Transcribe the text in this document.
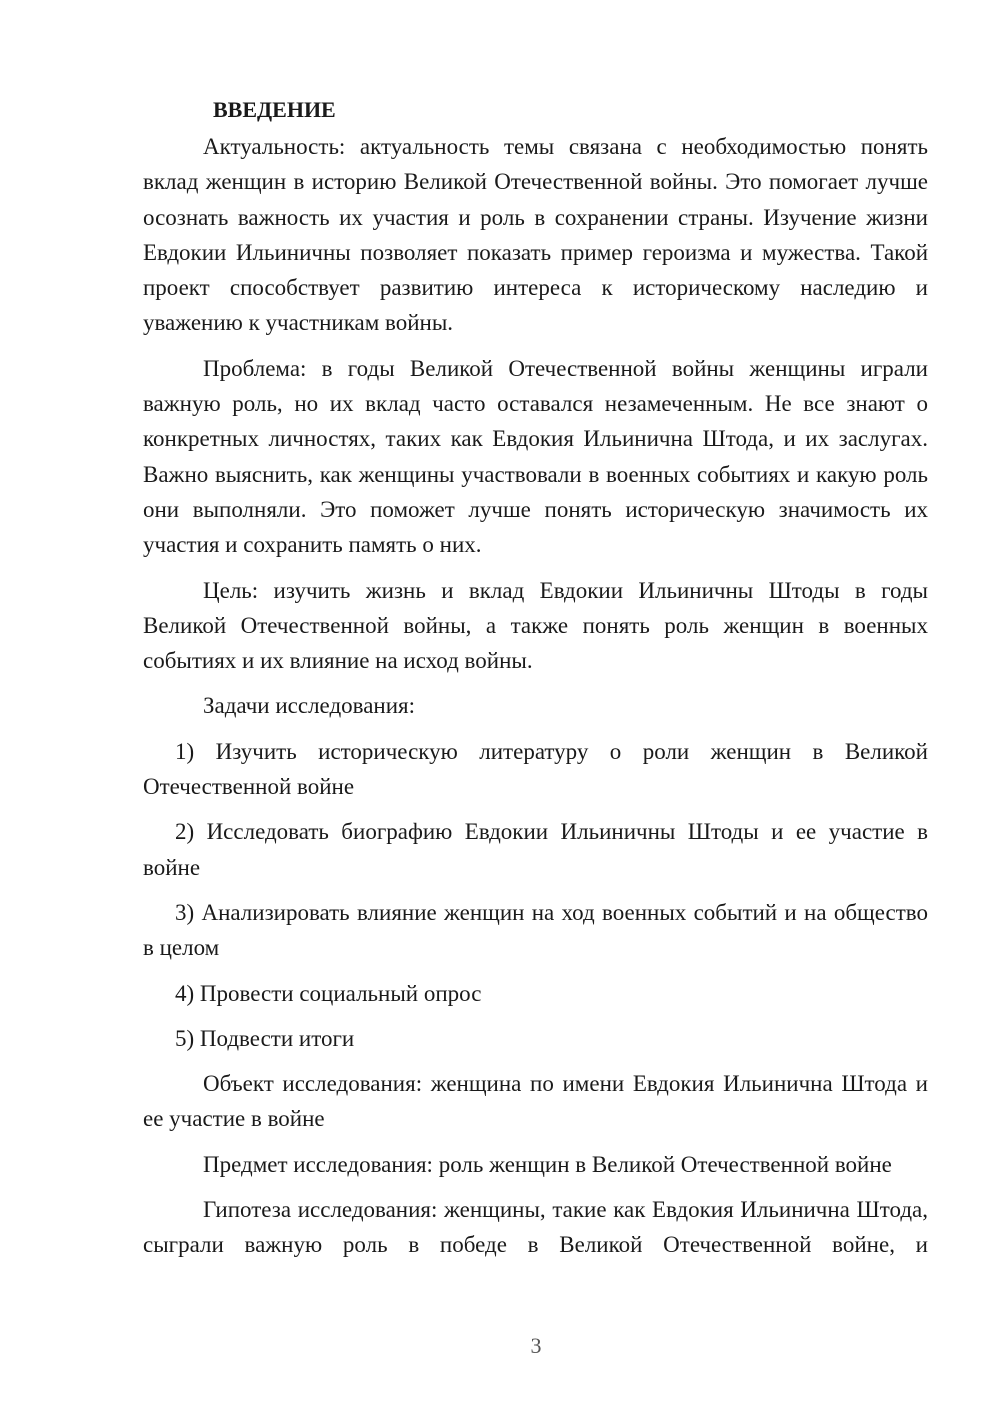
ВВЕДЕНИЕ

Актуальность: актуальность темы связана с необходимостью понять вклад женщин в историю Великой Отечественной войны. Это помогает лучше осознать важность их участия и роль в сохранении страны. Изучение жизни Евдокии Ильиничны позволяет показать пример героизма и мужества. Такой проект способствует развитию интереса к историческому наследию и уважению к участникам войны.

Проблема: в годы Великой Отечественной войны женщины играли важную роль, но их вклад часто оставался незамеченным. Не все знают о конкретных личностях, таких как Евдокия Ильинична Штода, и их заслугах. Важно выяснить, как женщины участвовали в военных событиях и какую роль они выполняли. Это поможет лучше понять историческую значимость их участия и сохранить память о них.

Цель: изучить жизнь и вклад Евдокии Ильиничны Штоды в годы Великой Отечественной войны, а также понять роль женщин в военных событиях и их влияние на исход войны.

Задачи исследования:

1) Изучить историческую литературу о роли женщин в Великой Отечественной войне

2) Исследовать биографию Евдокии Ильиничны Штоды и ее участие в войне

3) Анализировать влияние женщин на ход военных событий и на общество в целом

4) Провести социальный опрос

5) Подвести итоги

Объект исследования: женщина по имени Евдокия Ильинична Штода и ее участие в войне

Предмет исследования: роль женщин в Великой Отечественной войне

Гипотеза исследования: женщины, такие как Евдокия Ильинична Штода, сыграли важную роль в победе в Великой Отечественной войне, и

3
